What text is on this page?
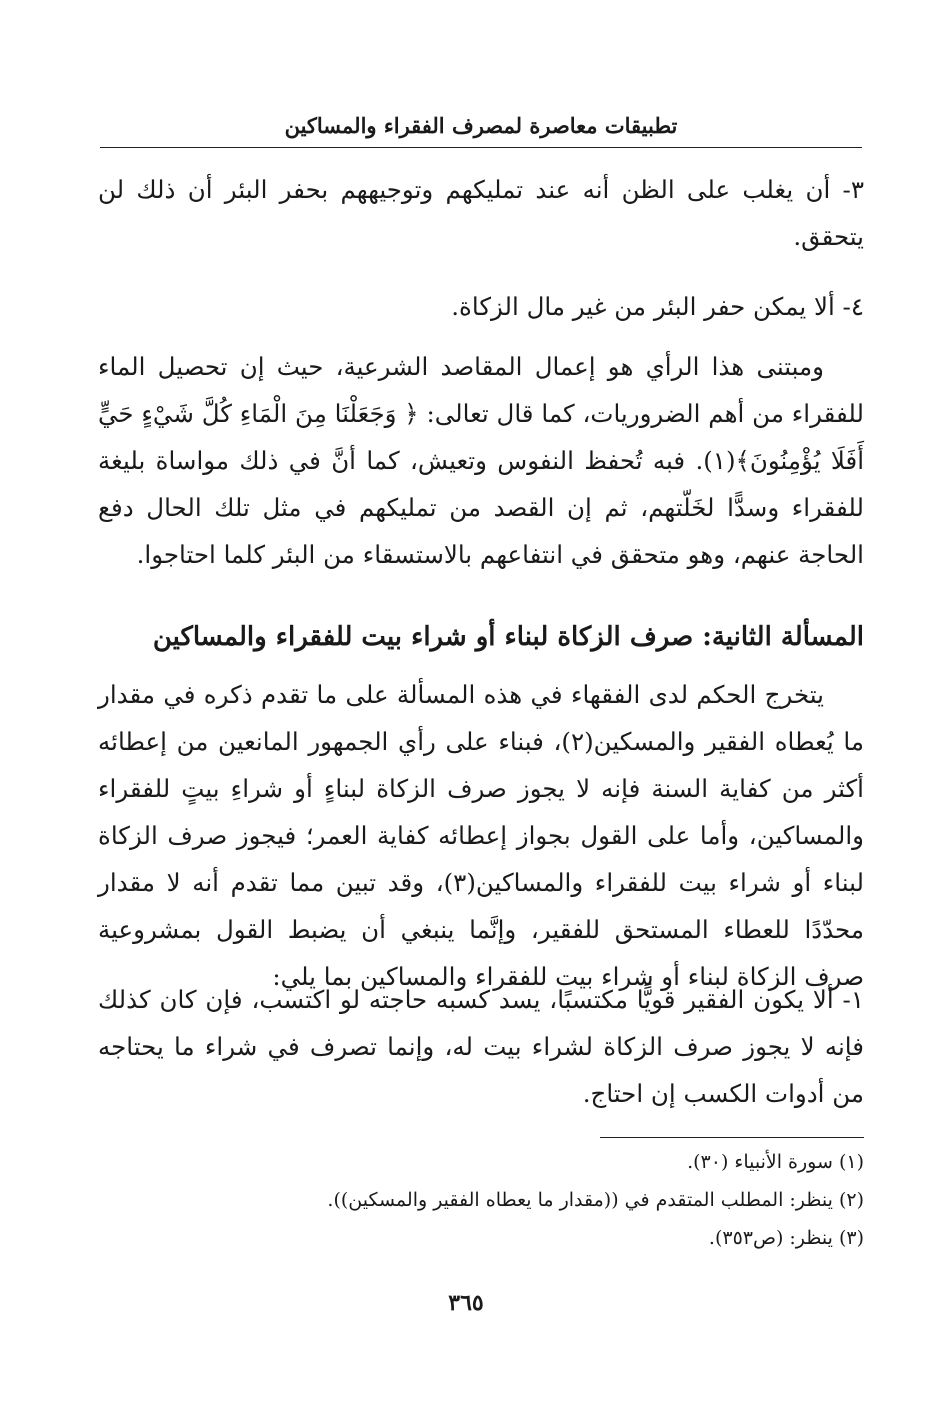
تطبيقات معاصرة لمصرف الفقراء والمساكين

٣- أن يغلب على الظن أنه عند تمليكهم وتوجيههم بحفر البئر أن ذلك لن يتحقق.

٤- ألا يمكن حفر البئر من غير مال الزكاة.

ومبتنى هذا الرأي هو إعمال المقاصد الشرعية، حيث إن تحصيل الماء للفقراء من أهم الضروريات، كما قال تعالى: ﴿ وَجَعَلْنَا مِنَ الْمَاءِ كُلَّ شَيْءٍ حَيٍّ أَفَلَا يُؤْمِنُونَ﴾(١). فبه تُحفظ النفوس وتعيش، كما أنَّ في ذلك مواساة بليغة للفقراء وسدًّا لخَلّتهم، ثم إن القصد من تمليكهم في مثل تلك الحال دفع الحاجة عنهم، وهو متحقق في انتفاعهم بالاستسقاء من البئر كلما احتاجوا.

المسألة الثانية: صرف الزكاة لبناء أو شراء بيت للفقراء والمساكين

يتخرج الحكم لدى الفقهاء في هذه المسألة على ما تقدم ذكره في مقدار ما يُعطاه الفقير والمسكين(٢)، فبناء على رأي الجمهور المانعين من إعطائه أكثر من كفاية السنة فإنه لا يجوز صرف الزكاة لبناءٍ أو شراءِ بيتٍ للفقراء والمساكين، وأما على القول بجواز إعطائه كفاية العمر؛ فيجوز صرف الزكاة لبناء أو شراء بيت للفقراء والمساكين(٣)، وقد تبين مما تقدم أنه لا مقدار محدّدًا للعطاء المستحق للفقير، وإنَّما ينبغي أن يضبط القول بمشروعية صرف الزكاة لبناء أو شراء بيت للفقراء والمساكين بما يلي:

١- ألا يكون الفقير قويًّا مكتسبًا، يسد كسبه حاجته لو اكتسب، فإن كان كذلك فإنه لا يجوز صرف الزكاة لشراء بيت له، وإنما تصرف في شراء ما يحتاجه من أدوات الكسب إن احتاج.

(١) سورة الأنبياء (٣٠).
(٢) ينظر: المطلب المتقدم في ((مقدار ما يعطاه الفقير والمسكين)).
(٣) ينظر: (ص٣٥٣).
٣٦٥
